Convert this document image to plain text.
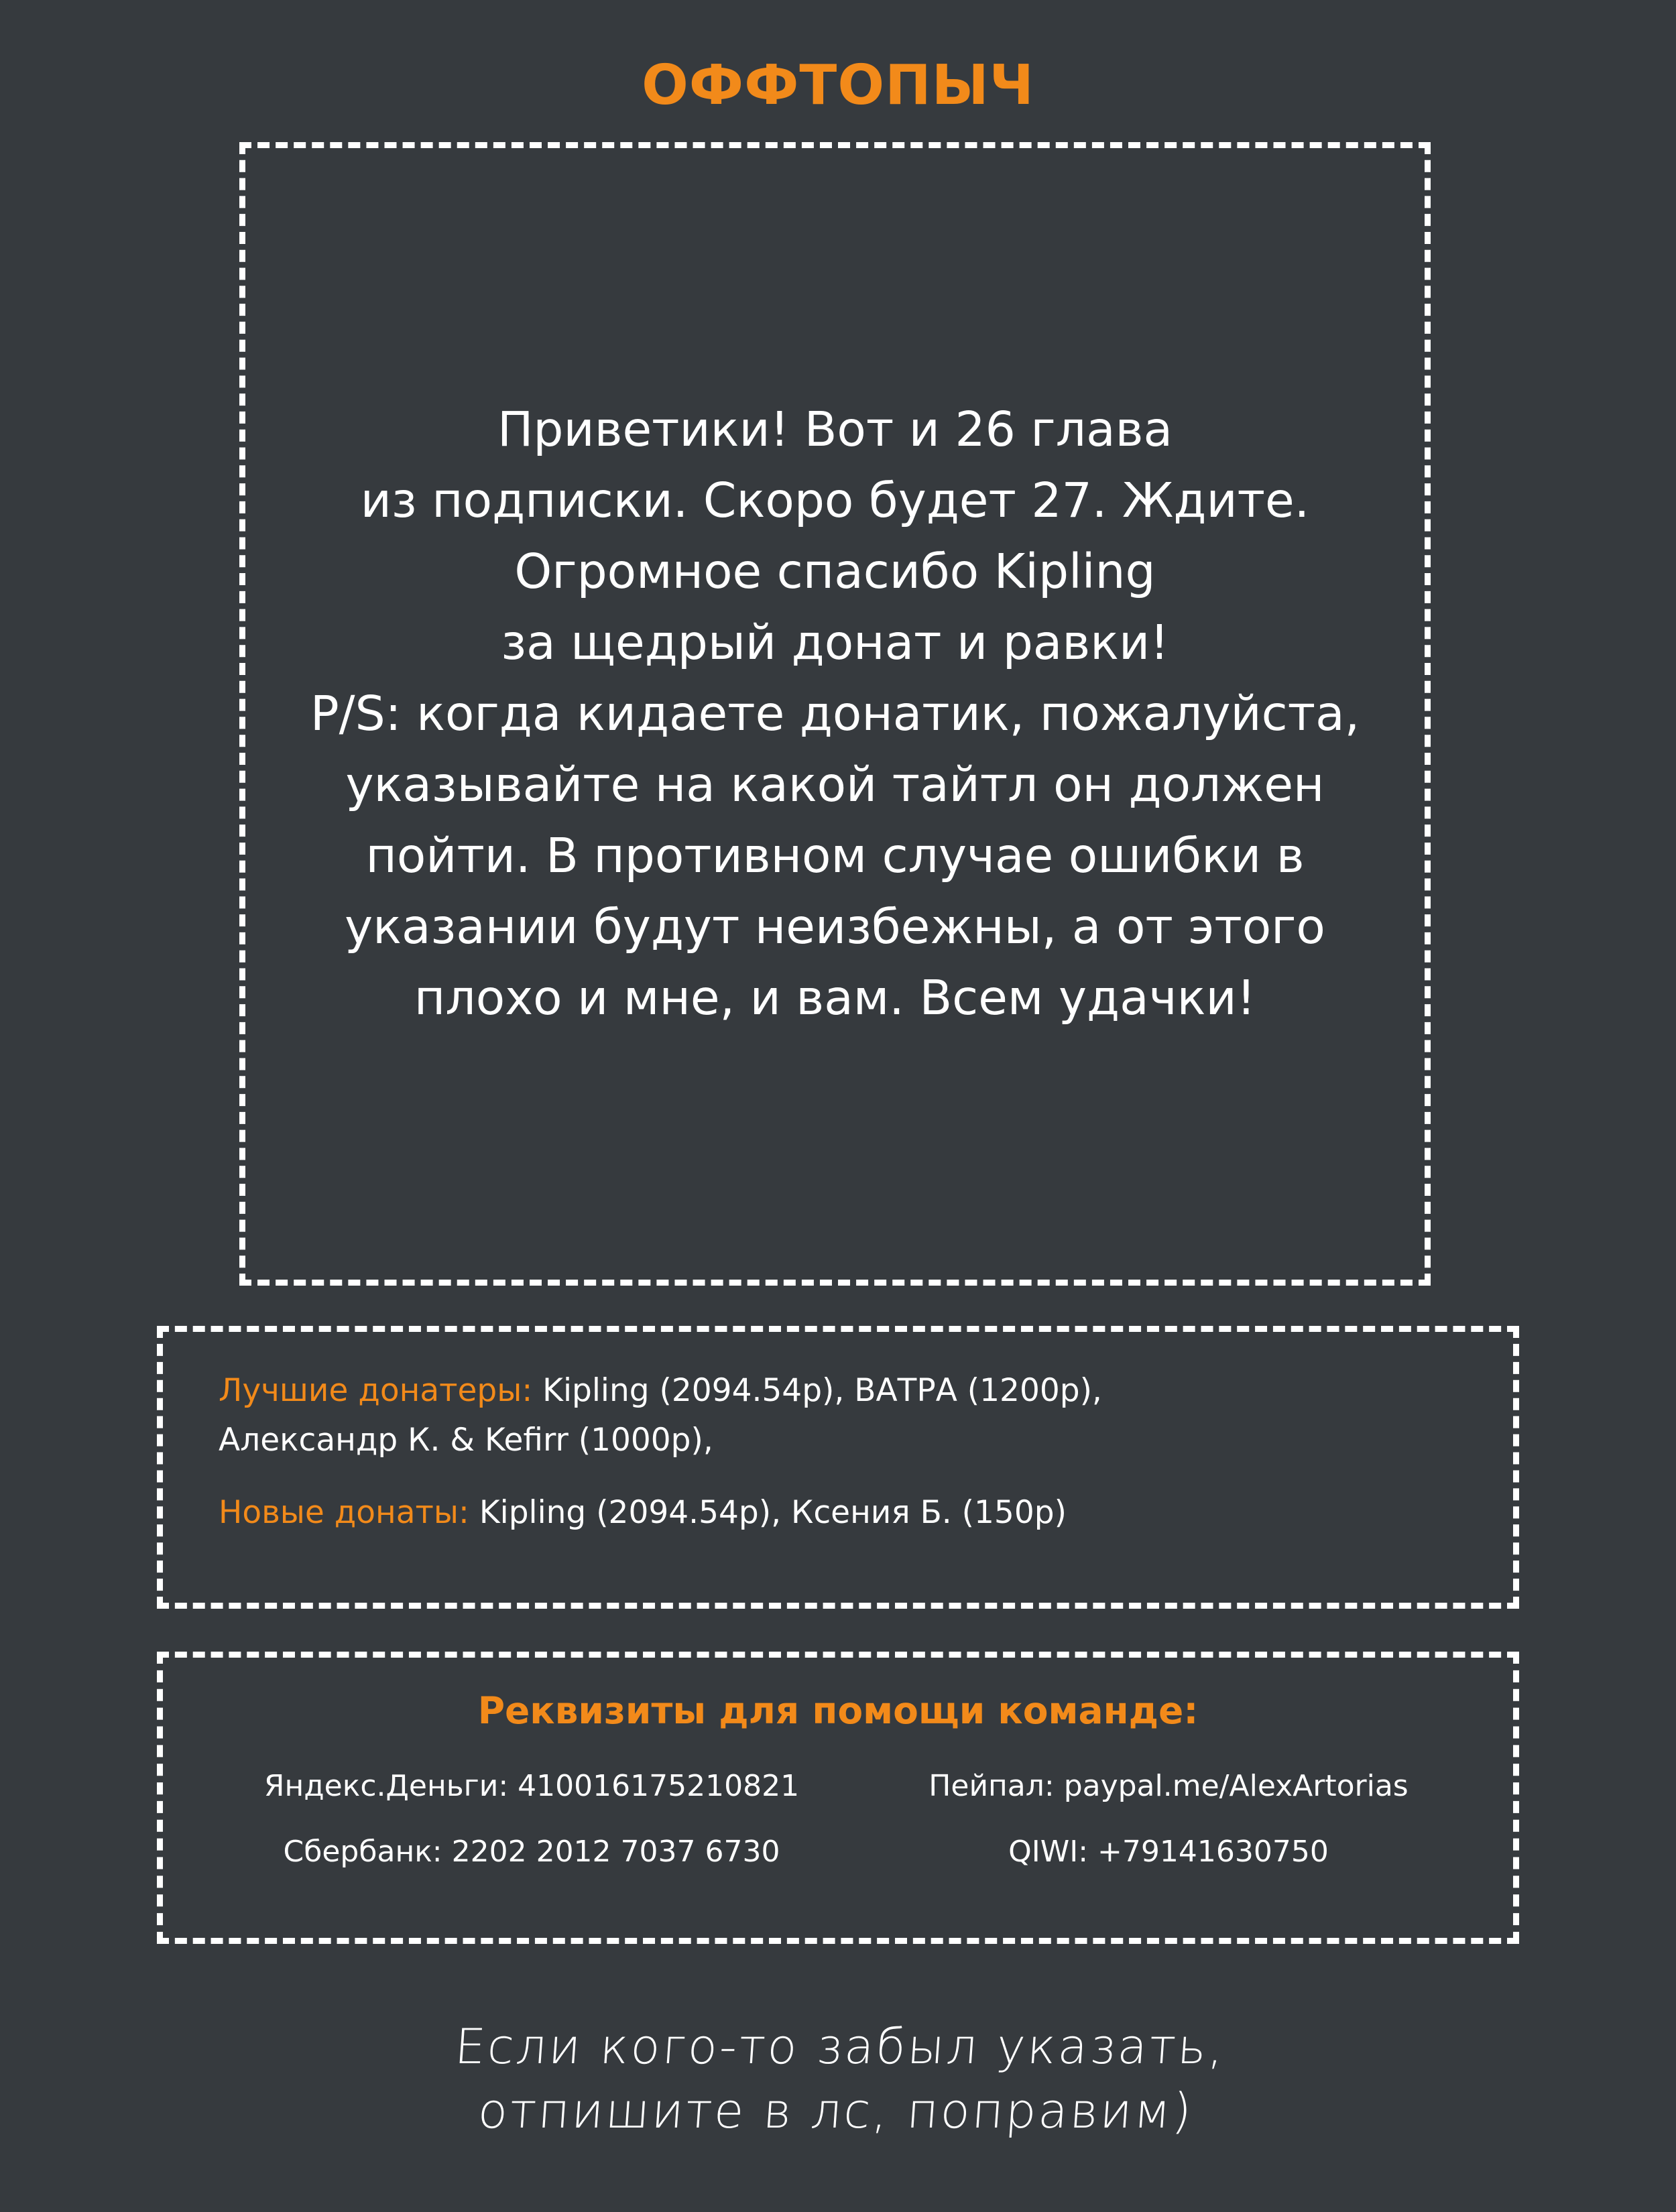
ОФФТОПЫЧ
Приветики! Вот и 26 глава
из подписки. Скоро будет 27. Ждите.
Огромное спасибо Kipling
за щедрый донат и равки!
P/S: когда кидаете донатик, пожалуйста,
указывайте на какой тайтл он должен
пойти. В противном случае ошибки в
указании будут неизбежны, а от этого
плохо и мне, и вам. Всем удачки!
Лучшие донатеры: Kipling (2094.54р), ВАТРА (1200р),
Александр К. & Kefirr (1000р),
Новые донаты: Kipling (2094.54р), Ксения Б. (150р)
Реквизиты для помощи команде:
Яндекс.Деньги: 410016175210821	Пейпал: paypal.me/AlexArtorias
Сбербанк: 2202 2012 7037 6730	QIWI: +79141630750
Если кого-то забыл указать,
отпишите в лс, поправим)
